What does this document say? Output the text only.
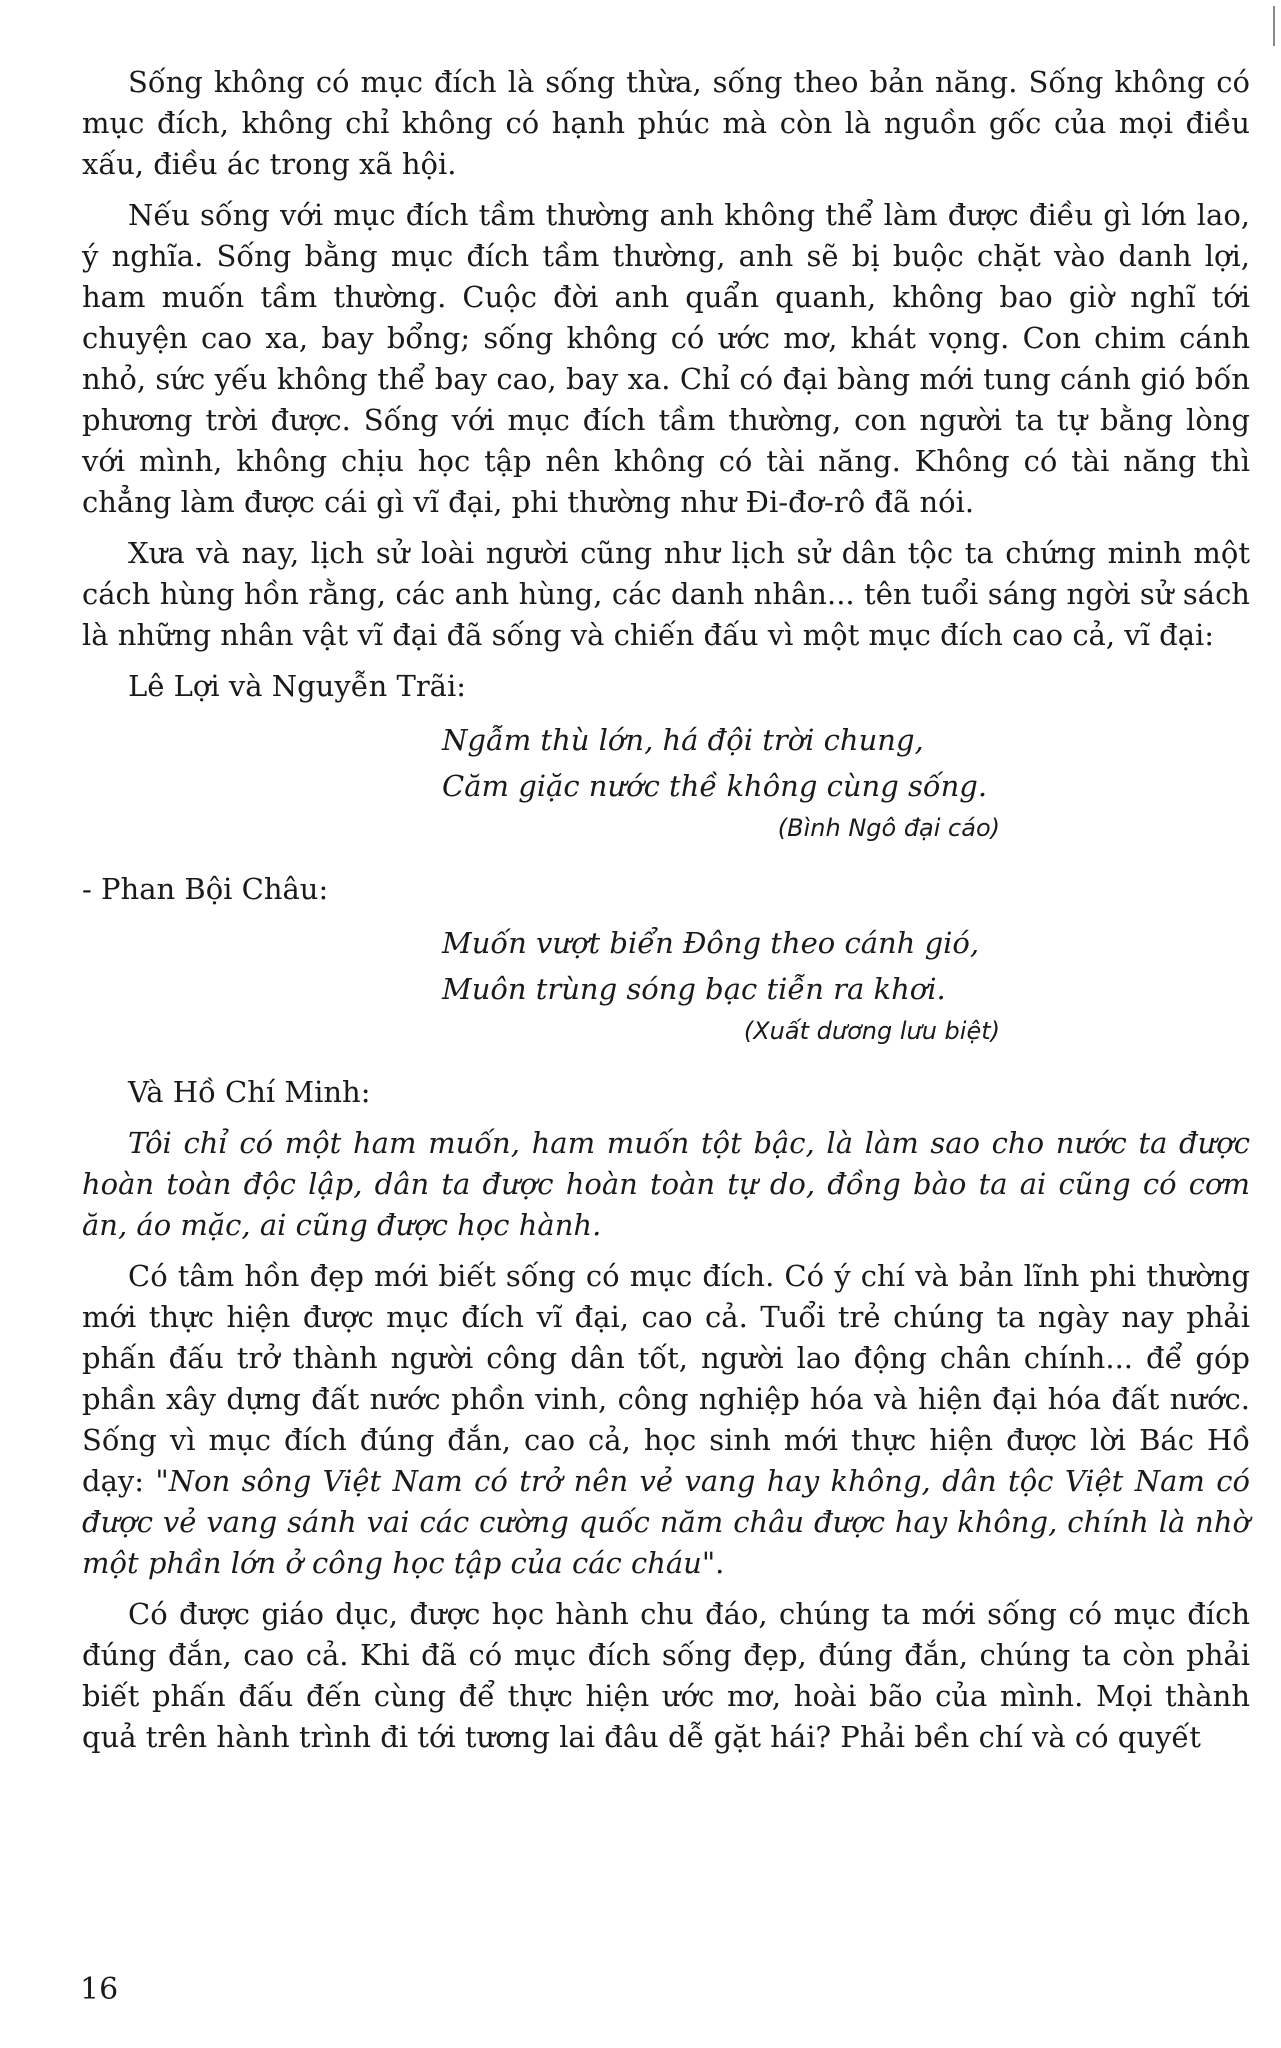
Sống không có mục đích là sống thừa, sống theo bản năng. Sống không có mục đích, không chỉ không có hạnh phúc mà còn là nguồn gốc của mọi điều xấu, điều ác trong xã hội.

Nếu sống với mục đích tầm thường anh không thể làm được điều gì lớn lao, ý nghĩa. Sống bằng mục đích tầm thường, anh sẽ bị buộc chặt vào danh lợi, ham muốn tầm thường. Cuộc đời anh quẩn quanh, không bao giờ nghĩ tới chuyện cao xa, bay bổng; sống không có ước mơ, khát vọng. Con chim cánh nhỏ, sức yếu không thể bay cao, bay xa. Chỉ có đại bàng mới tung cánh gió bốn phương trời được. Sống với mục đích tầm thường, con người ta tự bằng lòng với mình, không chịu học tập nên không có tài năng. Không có tài năng thì chẳng làm được cái gì vĩ đại, phi thường như Đi-đơ-rô đã nói.

Xưa và nay, lịch sử loài người cũng như lịch sử dân tộc ta chứng minh một cách hùng hồn rằng, các anh hùng, các danh nhân... tên tuổi sáng ngời sử sách là những nhân vật vĩ đại đã sống và chiến đấu vì một mục đích cao cả, vĩ đại:

Lê Lợi và Nguyễn Trãi:
Ngẫm thù lớn, há đội trời chung,
Căm giặc nước thề không cùng sống.
(Bình Ngô đại cáo)
- Phan Bội Châu:
Muốn vượt biển Đông theo cánh gió,
Muôn trùng sóng bạc tiễn ra khơi.
(Xuất dương lưu biệt)
Và Hồ Chí Minh:

Tôi chỉ có một ham muốn, ham muốn tột bậc, là làm sao cho nước ta được hoàn toàn độc lập, dân ta được hoàn toàn tự do, đồng bào ta ai cũng có cơm ăn, áo mặc, ai cũng được học hành.

Có tâm hồn đẹp mới biết sống có mục đích. Có ý chí và bản lĩnh phi thường mới thực hiện được mục đích vĩ đại, cao cả. Tuổi trẻ chúng ta ngày nay phải phấn đấu trở thành người công dân tốt, người lao động chân chính... để góp phần xây dựng đất nước phồn vinh, công nghiệp hóa và hiện đại hóa đất nước. Sống vì mục đích đúng đắn, cao cả, học sinh mới thực hiện được lời Bác Hồ dạy: "Non sông Việt Nam có trở nên vẻ vang hay không, dân tộc Việt Nam có được vẻ vang sánh vai các cường quốc năm châu được hay không, chính là nhờ một phần lớn ở công học tập của các cháu".

Có được giáo dục, được học hành chu đáo, chúng ta mới sống có mục đích đúng đắn, cao cả. Khi đã có mục đích sống đẹp, đúng đắn, chúng ta còn phải biết phấn đấu đến cùng để thực hiện ước mơ, hoài bão của mình. Mọi thành quả trên hành trình đi tới tương lai đâu dễ gặt hái? Phải bền chí và có quyết

16
